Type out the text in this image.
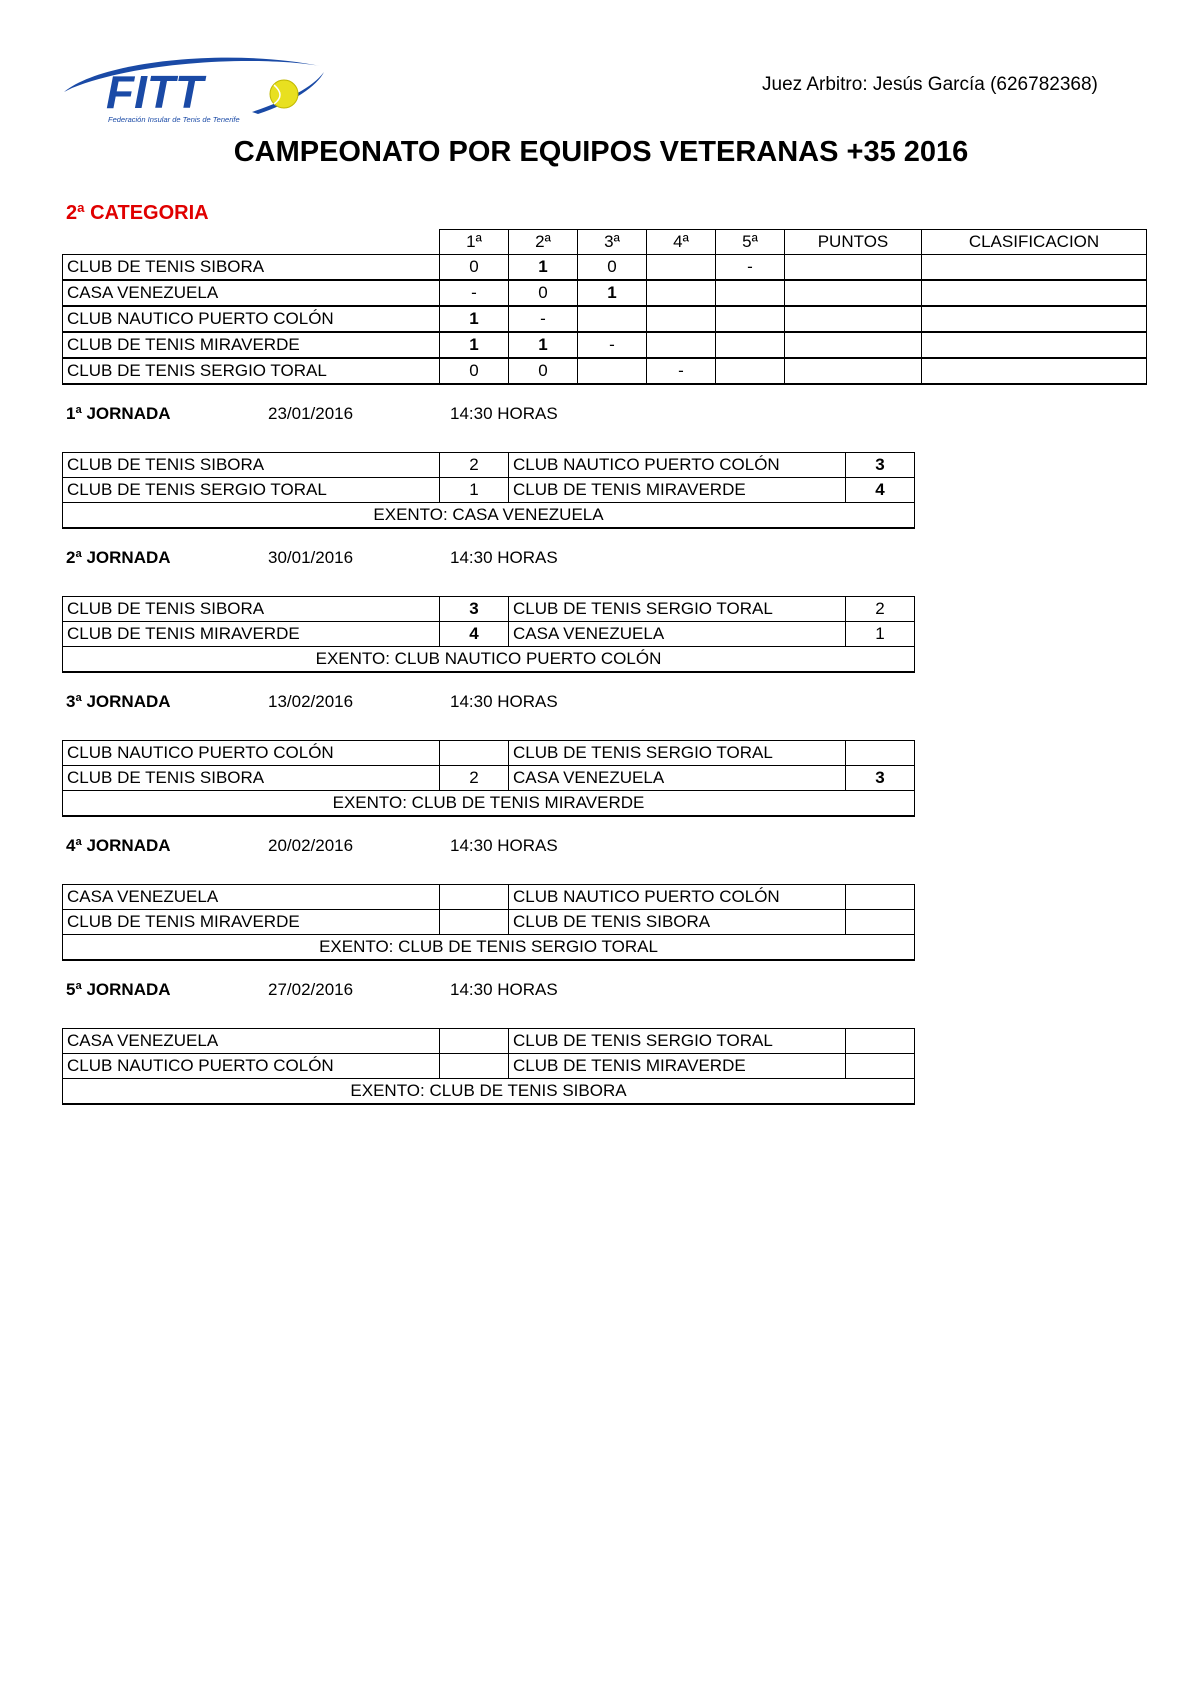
FITT
Federación Insular de Tenis de Tenerife
Juez Arbitro: Jesús García (626782368)
CAMPEONATO POR EQUIPOS VETERANAS +35 2016
2ª CATEGORIA
	1ª	2ª	3ª	4ª	5ª	PUNTOS	CLASIFICACION
CLUB DE TENIS SIBORA	0	1	0		-		
CASA VENEZUELA	-	0	1				
CLUB NAUTICO PUERTO COLÓN	1	-					
CLUB DE TENIS MIRAVERDE	1	1	-				
CLUB DE TENIS SERGIO TORAL	0	0		-			
1ª JORNADA	23/01/2016	14:30 HORAS
CLUB DE TENIS SIBORA	2	CLUB NAUTICO PUERTO COLÓN	3
CLUB DE TENIS SERGIO TORAL	1	CLUB DE TENIS MIRAVERDE	4
EXENTO: CASA VENEZUELA			
2ª JORNADA	30/01/2016	14:30 HORAS
CLUB DE TENIS SIBORA	3	CLUB DE TENIS SERGIO TORAL	2
CLUB DE TENIS MIRAVERDE	4	CASA VENEZUELA	1
EXENTO: CLUB NAUTICO PUERTO COLÓN			
3ª JORNADA	13/02/2016	14:30 HORAS
CLUB NAUTICO PUERTO COLÓN		CLUB DE TENIS SERGIO TORAL	
CLUB DE TENIS SIBORA	2	CASA VENEZUELA	3
EXENTO: CLUB DE TENIS MIRAVERDE			
4ª JORNADA	20/02/2016	14:30 HORAS
CASA VENEZUELA		CLUB NAUTICO PUERTO COLÓN	
CLUB DE TENIS MIRAVERDE		CLUB DE TENIS SIBORA	
EXENTO: CLUB DE TENIS SERGIO TORAL			
5ª JORNADA	27/02/2016	14:30 HORAS
CASA VENEZUELA		CLUB DE TENIS SERGIO TORAL	
CLUB NAUTICO PUERTO COLÓN		CLUB DE TENIS MIRAVERDE	
EXENTO: CLUB DE TENIS SIBORA			
